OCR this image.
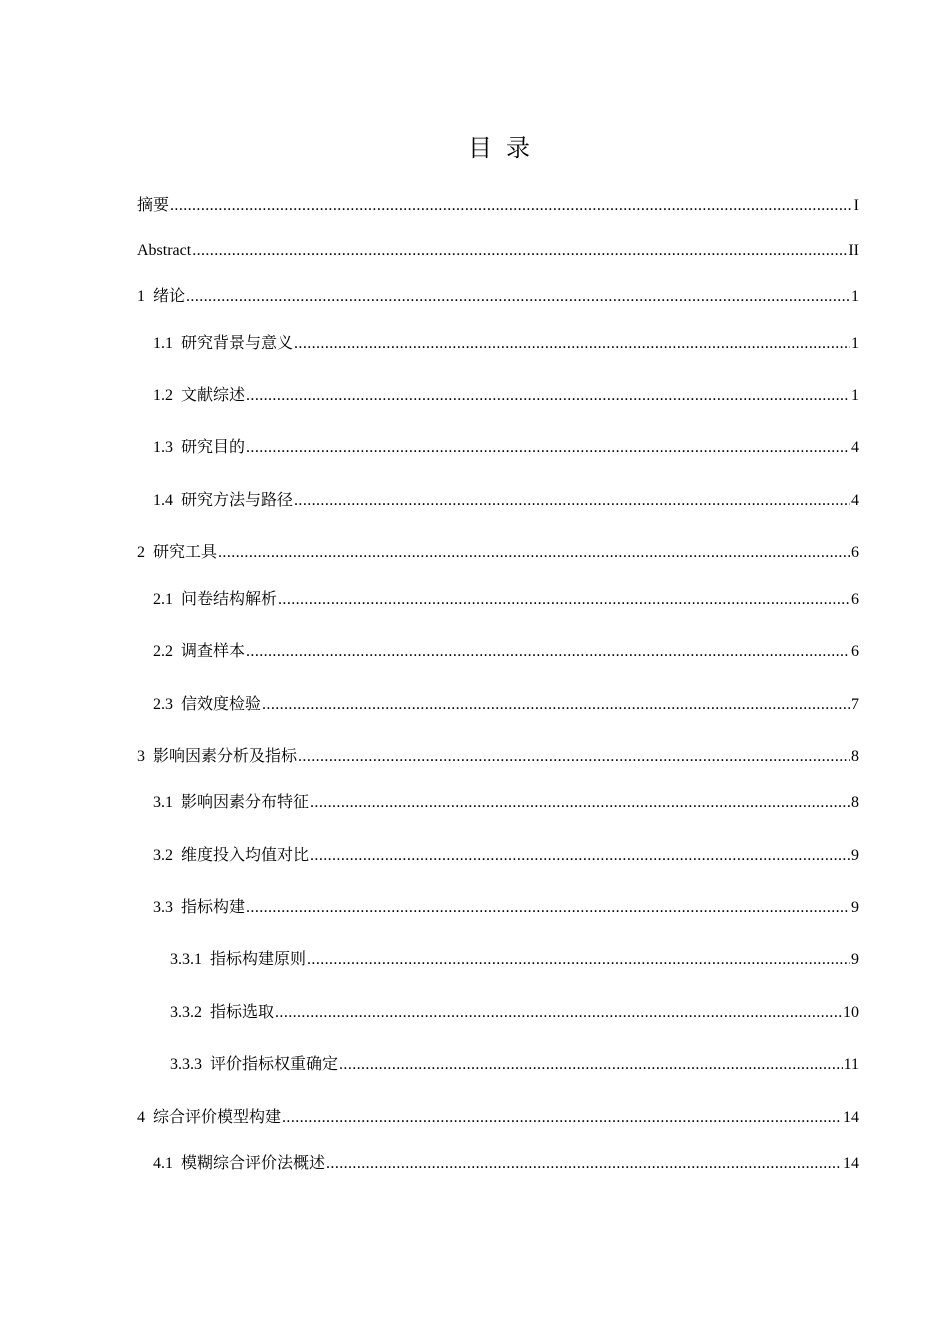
目 录
摘要 .....	I
Abstract .....	II
1 绪论 .....	1
1.1 研究背景与意义 .....	1
1.2 文献综述 .....	1
1.3 研究目的 .....	4
1.4 研究方法与路径 .....	4
2 研究工具 .....	6
2.1 问卷结构解析 .....	6
2.2 调查样本 .....	6
2.3 信效度检验 .....	7
3 影响因素分析及指标 .....	8
3.1 影响因素分布特征 .....	8
3.2 维度投入均值对比 .....	9
3.3 指标构建 .....	9
3.3.1 指标构建原则 .....	9
3.3.2 指标选取 .....	10
3.3.3 评价指标权重确定 .....	11
4 综合评价模型构建 .....	14
4.1 模糊综合评价法概述 .....	14
